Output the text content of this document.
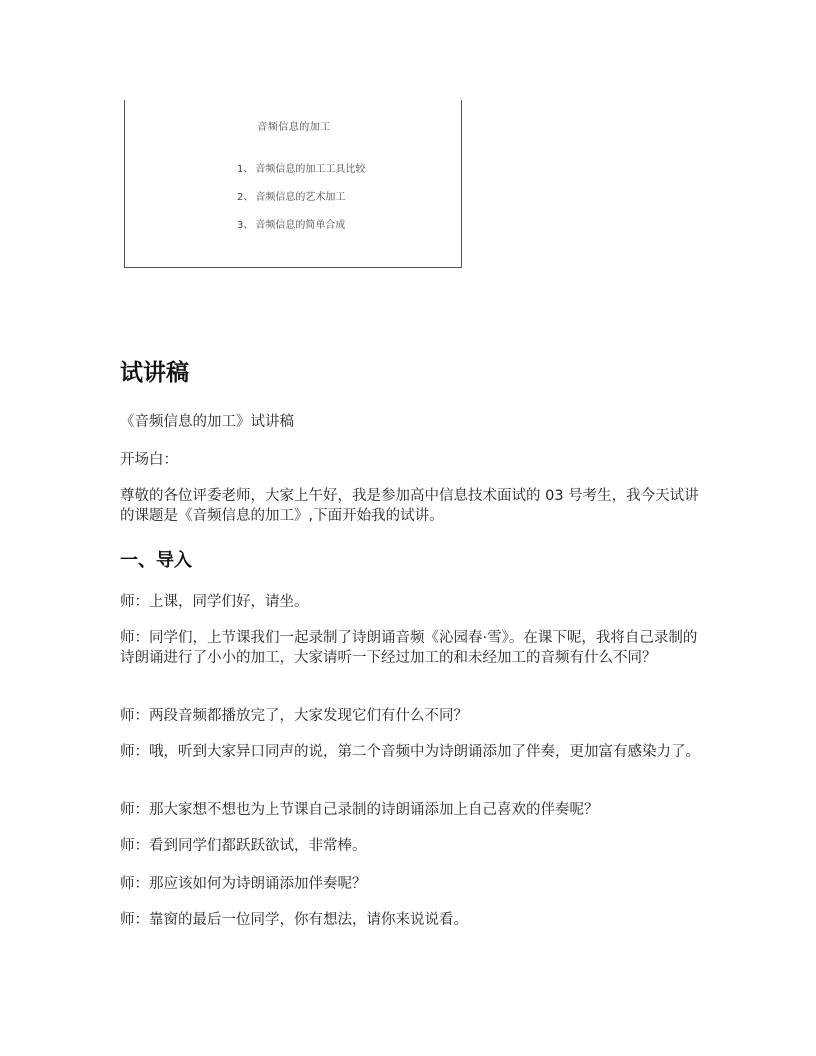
音频信息的加工
1、 音频信息的加工工具比较
2、 音频信息的艺术加工
3、 音频信息的简单合成
试讲稿

《音频信息的加工》试讲稿

开场白：

尊敬的各位评委老师，大家上午好，我是参加高中信息技术面试的 03 号考生，我今天试讲的课题是《音频信息的加工》,下面开始我的试讲。

一、导入

师：上课，同学们好，请坐。

师：同学们，上节课我们一起录制了诗朗诵音频《沁园春·雪》。在课下呢，我将自己录制的诗朗诵进行了小小的加工，大家请听一下经过加工的和未经加工的音频有什么不同？

师：两段音频都播放完了，大家发现它们有什么不同？

师：哦，听到大家异口同声的说，第二个音频中为诗朗诵添加了伴奏，更加富有感染力了。

师：那大家想不想也为上节课自己录制的诗朗诵添加上自己喜欢的伴奏呢？

师：看到同学们都跃跃欲试，非常棒。

师：那应该如何为诗朗诵添加伴奏呢？

师：靠窗的最后一位同学，你有想法，请你来说说看。
